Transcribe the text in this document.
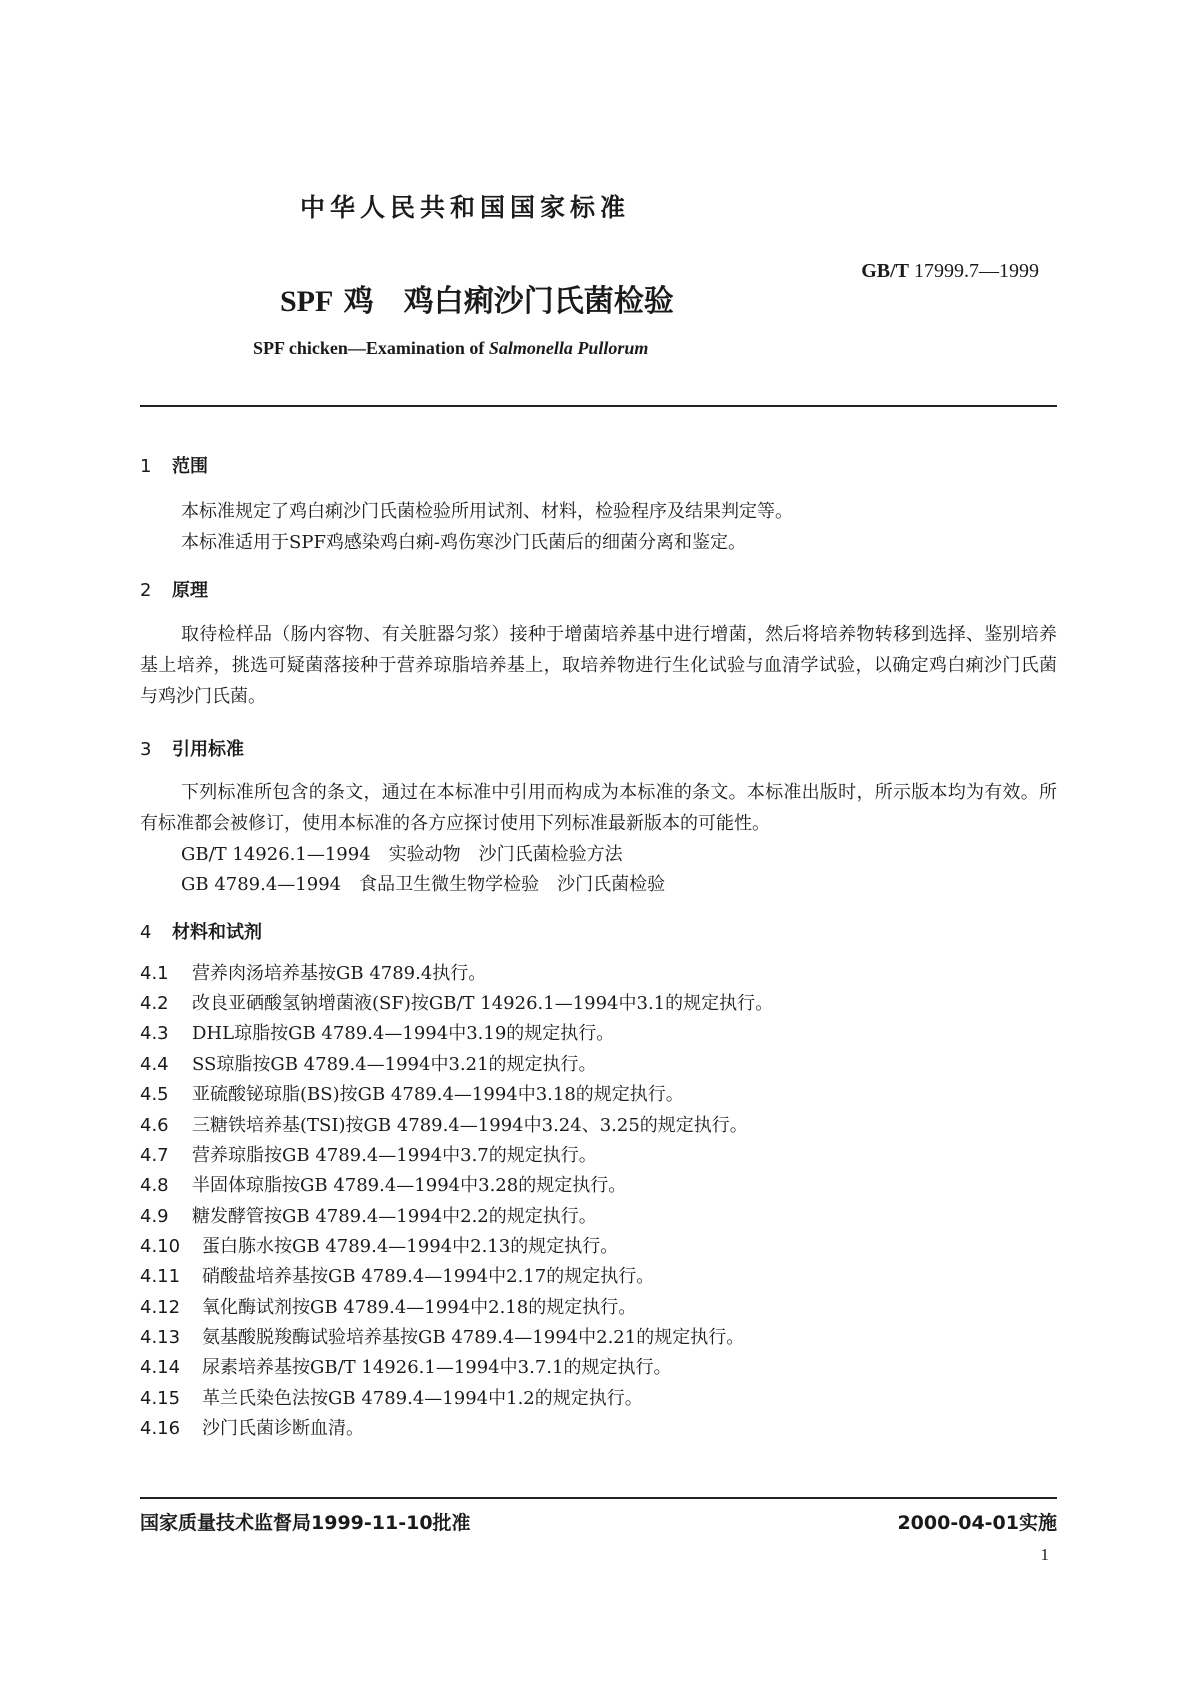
中华人民共和国国家标准
GB/T 17999.7—1999
SPF 鸡　鸡白痢沙门氏菌检验
SPF chicken—Examination of Salmonella Pullorum
1 范围
本标准规定了鸡白痢沙门氏菌检验所用试剂、材料，检验程序及结果判定等。
本标准适用于SPF鸡感染鸡白痢-鸡伤寒沙门氏菌后的细菌分离和鉴定。
2 原理
取待检样品（肠内容物、有关脏器匀浆）接种于增菌培养基中进行增菌，然后将培养物转移到选择、鉴别培养基上培养，挑选可疑菌落接种于营养琼脂培养基上，取培养物进行生化试验与血清学试验，以确定鸡白痢沙门氏菌与鸡沙门氏菌。
3 引用标准
下列标准所包含的条文，通过在本标准中引用而构成为本标准的条文。本标准出版时，所示版本均为有效。所有标准都会被修订，使用本标准的各方应探讨使用下列标准最新版本的可能性。
GB/T 14926.1—1994　实验动物　沙门氏菌检验方法
GB 4789.4—1994　食品卫生微生物学检验　沙门氏菌检验
4 材料和试剂
4.1 营养肉汤培养基按GB 4789.4执行。
4.2 改良亚硒酸氢钠增菌液(SF)按GB/T 14926.1—1994中3.1的规定执行。
4.3 DHL琼脂按GB 4789.4—1994中3.19的规定执行。
4.4 SS琼脂按GB 4789.4—1994中3.21的规定执行。
4.5 亚硫酸铋琼脂(BS)按GB 4789.4—1994中3.18的规定执行。
4.6 三糖铁培养基(TSI)按GB 4789.4—1994中3.24、3.25的规定执行。
4.7 营养琼脂按GB 4789.4—1994中3.7的规定执行。
4.8 半固体琼脂按GB 4789.4—1994中3.28的规定执行。
4.9 糖发酵管按GB 4789.4—1994中2.2的规定执行。
4.10 蛋白胨水按GB 4789.4—1994中2.13的规定执行。
4.11 硝酸盐培养基按GB 4789.4—1994中2.17的规定执行。
4.12 氧化酶试剂按GB 4789.4—1994中2.18的规定执行。
4.13 氨基酸脱羧酶试验培养基按GB 4789.4—1994中2.21的规定执行。
4.14 尿素培养基按GB/T 14926.1—1994中3.7.1的规定执行。
4.15 革兰氏染色法按GB 4789.4—1994中1.2的规定执行。
4.16 沙门氏菌诊断血清。
国家质量技术监督局1999-11-10批准	2000-04-01实施
1
